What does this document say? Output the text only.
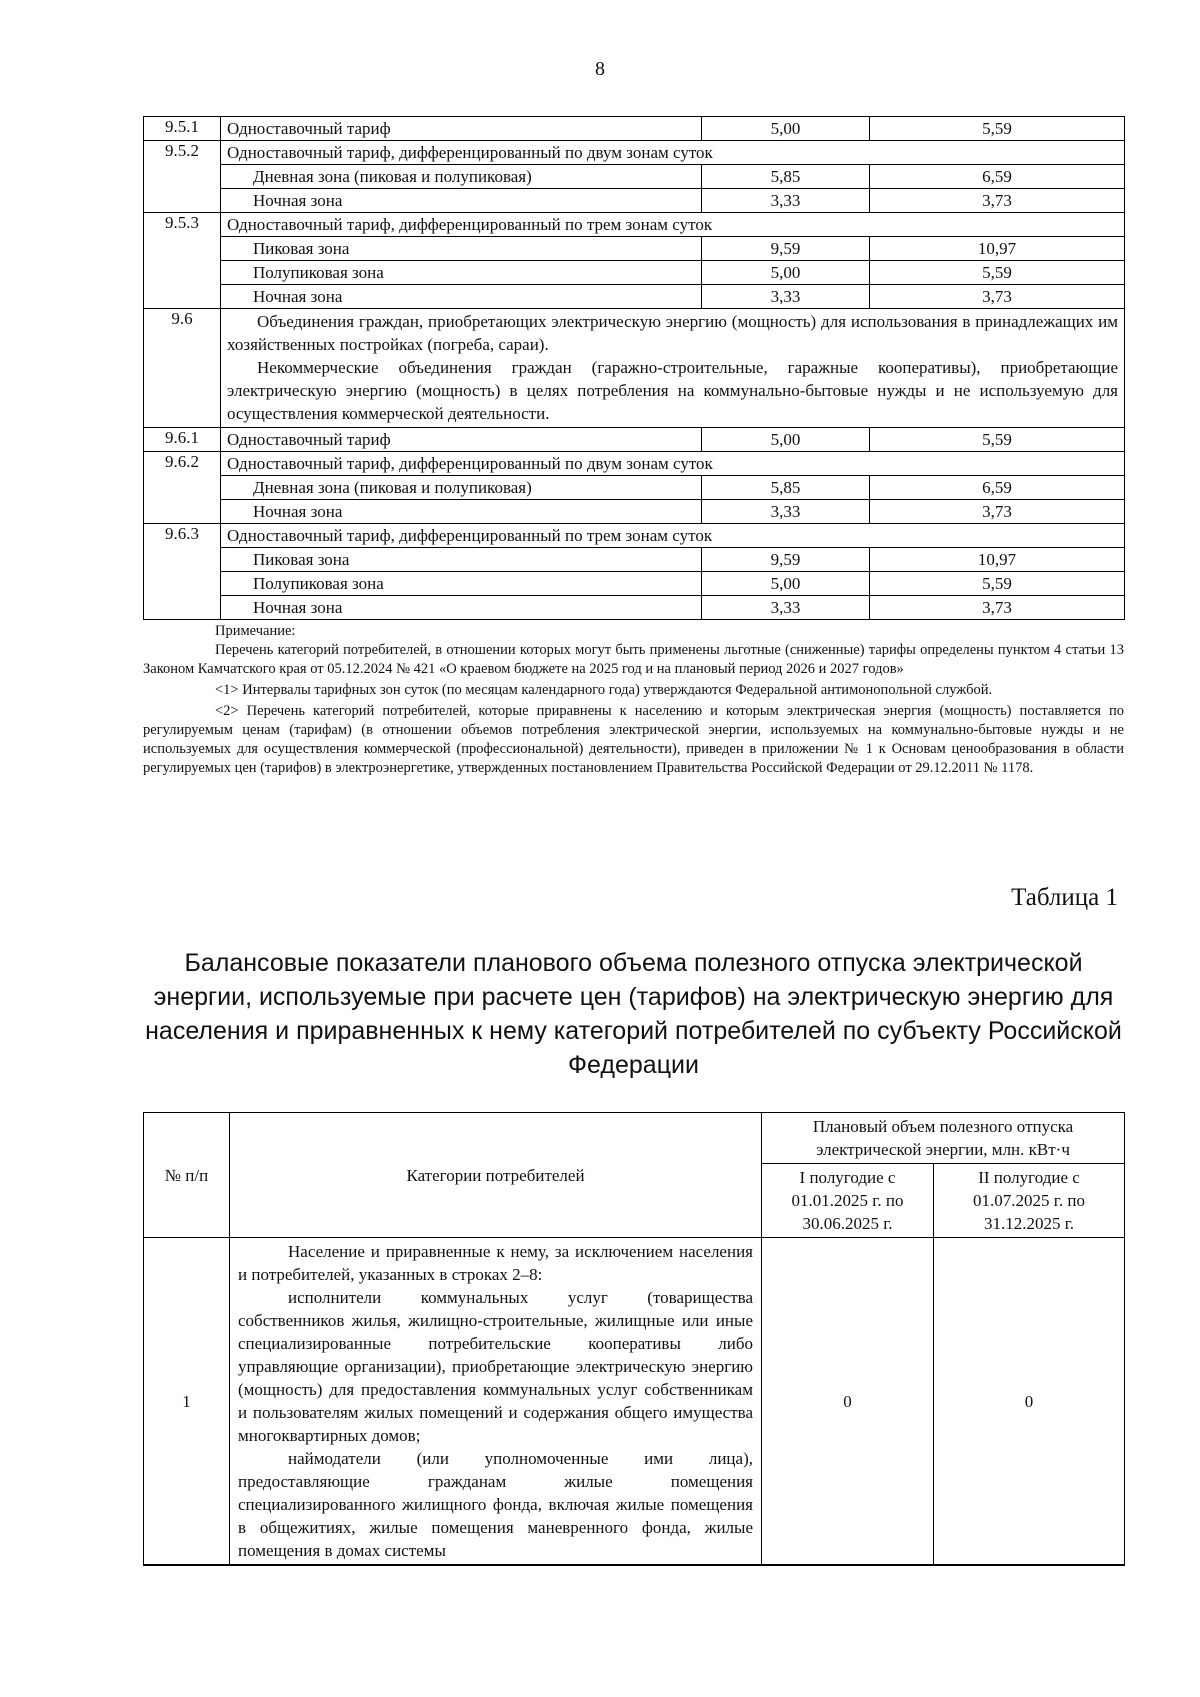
8
9.5.1	Одноставочный тариф	5,00	5,59
9.5.2	Одноставочный тариф, дифференцированный по двум зонам суток		
	Дневная зона (пиковая и полупиковая)	5,85	6,59
	Ночная зона	3,33	3,73
9.5.3	Одноставочный тариф, дифференцированный по трем зонам суток		
	Пиковая зона	9,59	10,97
	Полупиковая зона	5,00	5,59
	Ночная зона	3,33	3,73
9.6	Объединения граждан, приобретающих электрическую энергию (мощность) для использования в принадлежащих им хозяйственных постройках (погреба, сараи).

Некоммерческие объединения граждан (гаражно-строительные, гаражные кооперативы), приобретающие электрическую энергию (мощность) в целях потребления на коммунально-бытовые нужды и не используемую для осуществления коммерческой деятельности.		

9.6.1	Одноставочный тариф	5,00	5,59
9.6.2	Одноставочный тариф, дифференцированный по двум зонам суток		
	Дневная зона (пиковая и полупиковая)	5,85	6,59
	Ночная зона	3,33	3,73
9.6.3	Одноставочный тариф, дифференцированный по трем зонам суток		
	Пиковая зона	9,59	10,97
	Полупиковая зона	5,00	5,59
	Ночная зона	3,33	3,73

Примечание:

Перечень категорий потребителей, в отношении которых могут быть применены льготные (сниженные) тарифы определены пунктом 4 статьи 13 Законом Камчатского края от 05.12.2024 № 421 «О краевом бюджете на 2025 год и на плановый период 2026 и 2027 годов»

<1> Интервалы тарифных зон суток (по месяцам календарного года) утверждаются Федеральной антимонопольной службой.

<2> Перечень категорий потребителей, которые приравнены к населению и которым электрическая энергия (мощность) поставляется по регулируемым ценам (тарифам) (в отношении объемов потребления электрической энергии, используемых на коммунально-бытовые нужды и не используемых для осуществления коммерческой (профессиональной) деятельности), приведен в приложении № 1 к Основам ценообразования в области регулируемых цен (тарифов) в электроэнергетике, утвержденных постановлением Правительства Российской Федерации от 29.12.2011 № 1178.

Таблица 1
Балансовые показатели планового объема полезного отпуска электрической энергии, используемые при расчете цен (тарифов) на электрическую энергию для населения и приравненных к нему категорий потребителей по субъекту Российской Федерации
№ п/п	Категории потребителей	Плановый объем полезного отпуска электрической энергии, млн. кВт·ч	
		I полугодие с 01.01.2025 г. по 30.06.2025 г.	II полугодие с 01.07.2025 г. по 31.12.2025 г.
1	Население и приравненные к нему, за исключением населения и потребителей, указанных в строках 2–8:

исполнители коммунальных услуг (товарищества собственников жилья, жилищно-строительные, жилищные или иные специализированные потребительские кооперативы либо управляющие организации), приобретающие электрическую энергию (мощность) для предоставления коммунальных услуг собственникам и пользователям жилых помещений и содержания общего имущества многоквартирных домов;

наймодатели (или уполномоченные ими лица), предоставляющие гражданам жилые помещения специализированного жилищного фонда, включая жилые помещения в общежитиях, жилые помещения маневренного фонда, жилые помещения в домах системы	0	0
